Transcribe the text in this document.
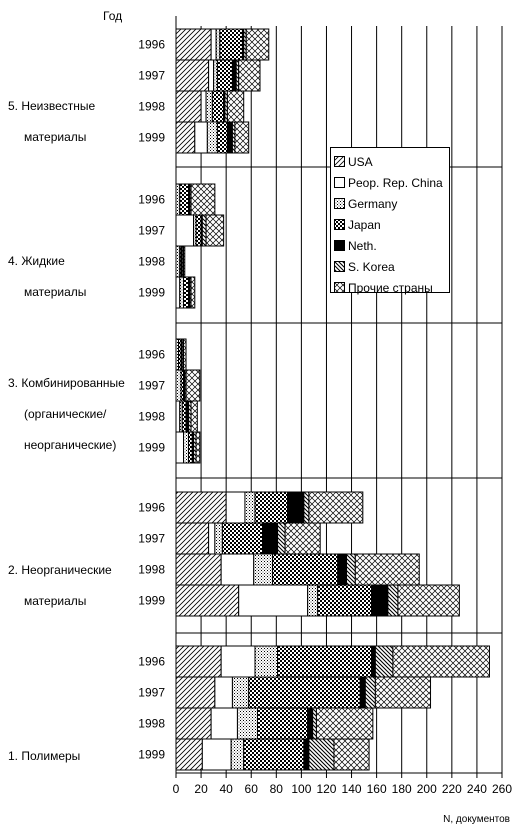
1996
1997
1998
1999
1996
1997
1998
1999
1996
1997
1998
1999
1996
1997
1998
1999
1996
1997
1998
1999
0 20 40 60 80 100 120 140 160 180 200 220 240 260
Год
N, документов
5. Неизвестные
материалы
4. Жидкие
материалы
3. Комбинированные
(органические/
неорганические)
2. Неорганические
материалы
1. Полимеры
USA
Peop. Rep. China
Germany
Japan
Neth.
S. Korea
Прочие страны
